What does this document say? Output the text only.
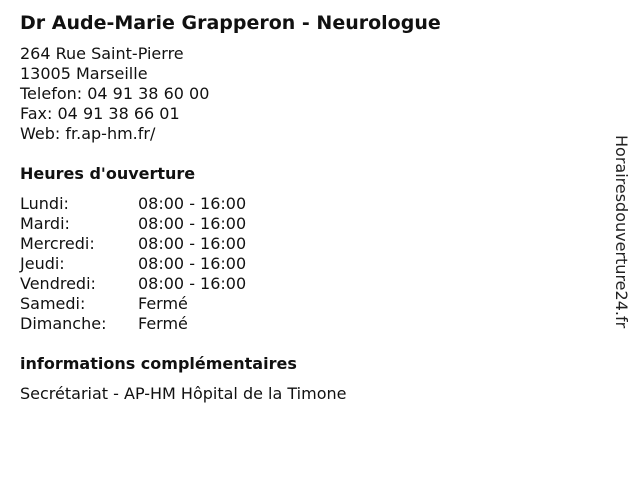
Dr Aude-Marie Grapperon - Neurologue
264 Rue Saint-Pierre
13005 Marseille
Telefon: 04 91 38 60 00
Fax: 04 91 38 66 01
Web: fr.ap-hm.fr/
Heures d'ouverture
Lundi:	08:00 - 16:00
Mardi:	08:00 - 16:00
Mercredi:	08:00 - 16:00
Jeudi:	08:00 - 16:00
Vendredi:	08:00 - 16:00
Samedi:	Fermé
Dimanche:	Fermé
informations complémentaires
Secrétariat - AP-HM Hôpital de la Timone
Horairesdouverture24.fr
